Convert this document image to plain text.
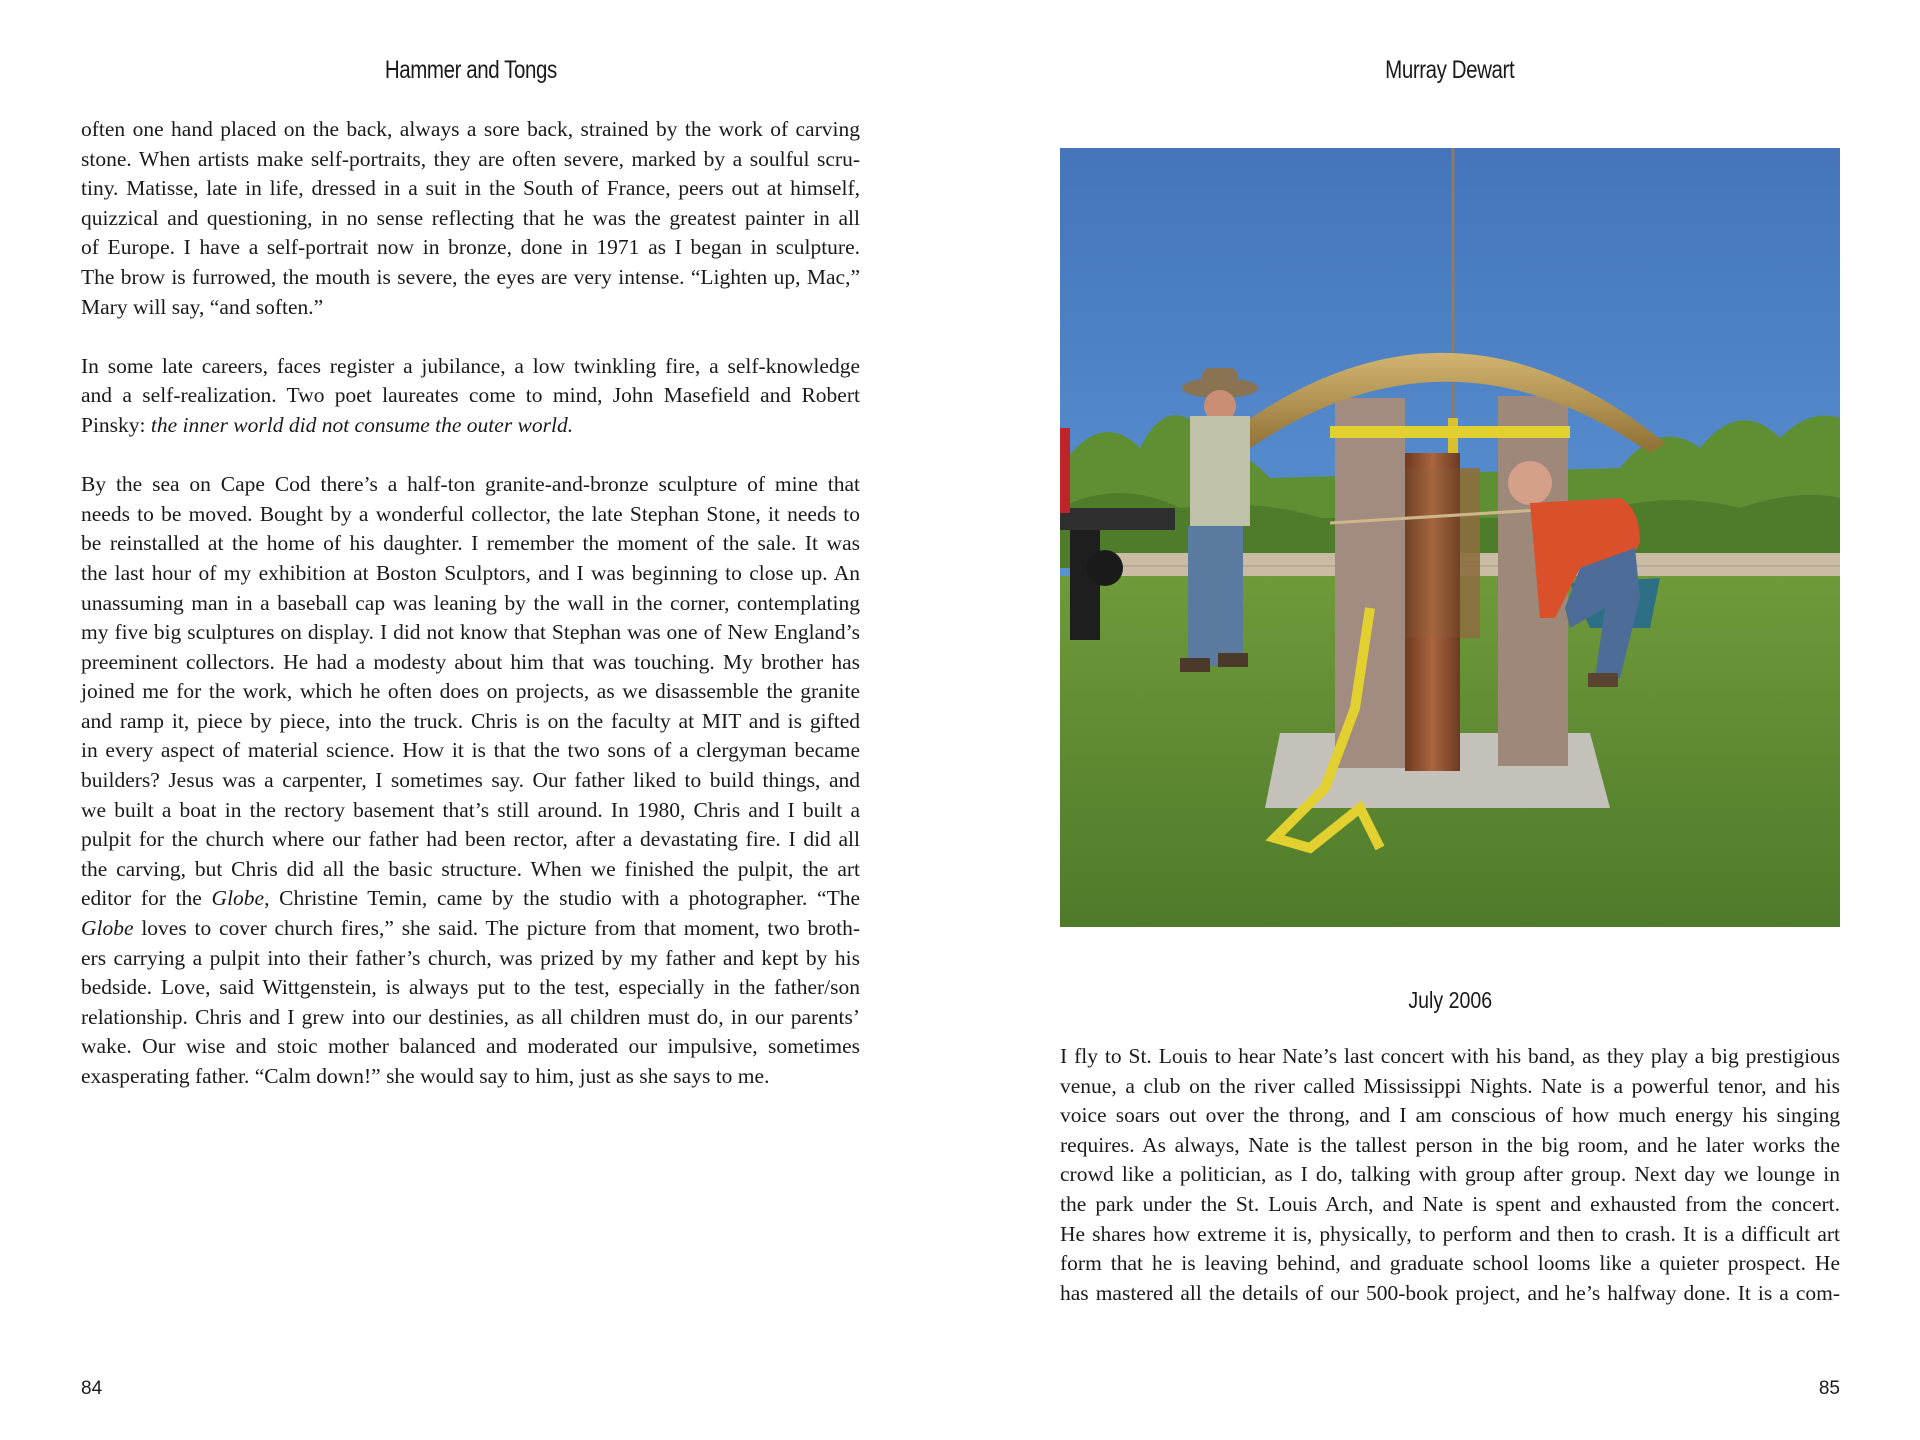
Hammer and Tongs

often one hand placed on the back, always a sore back, strained by the work of carving
stone. When artists make self-portraits, they are often severe, marked by a soulful scru-
tiny. Matisse, late in life, dressed in a suit in the South of France, peers out at himself,
quizzical and questioning, in no sense reflecting that he was the greatest painter in all
of Europe. I have a self-portrait now in bronze, done in 1971 as I began in sculpture.
The brow is furrowed, the mouth is severe, the eyes are very intense. “Lighten up, Mac,”
Mary will say, “and soften.”

In some late careers, faces register a jubilance, a low twinkling fire, a self-knowledge
and a self-realization. Two poet laureates come to mind, John Masefield and Robert
Pinsky: the inner world did not consume the outer world.

By the sea on Cape Cod there’s a half-ton granite-and-bronze sculpture of mine that
needs to be moved. Bought by a wonderful collector, the late Stephan Stone, it needs to
be reinstalled at the home of his daughter. I remember the moment of the sale. It was
the last hour of my exhibition at Boston Sculptors, and I was beginning to close up. An
unassuming man in a baseball cap was leaning by the wall in the corner, contemplating
my five big sculptures on display. I did not know that Stephan was one of New England’s
preeminent collectors. He had a modesty about him that was touching. My brother has
joined me for the work, which he often does on projects, as we disassemble the granite
and ramp it, piece by piece, into the truck. Chris is on the faculty at MIT and is gifted
in every aspect of material science. How it is that the two sons of a clergyman became
builders? Jesus was a carpenter, I sometimes say. Our father liked to build things, and
we built a boat in the rectory basement that’s still around. In 1980, Chris and I built a
pulpit for the church where our father had been rector, after a devastating fire. I did all
the carving, but Chris did all the basic structure. When we finished the pulpit, the art
editor for the Globe, Christine Temin, came by the studio with a photographer. “The
Globe loves to cover church fires,” she said. The picture from that moment, two broth-
ers carrying a pulpit into their father’s church, was prized by my father and kept by his
bedside. Love, said Wittgenstein, is always put to the test, especially in the father/son
relationship. Chris and I grew into our destinies, as all children must do, in our parents’
wake. Our wise and stoic mother balanced and moderated our impulsive, sometimes
exasperating father. “Calm down!” she would say to him, just as she says to me.

84
Murray Dewart
July 2006

I fly to St. Louis to hear Nate’s last concert with his band, as they play a big prestigious
venue, a club on the river called Mississippi Nights. Nate is a powerful tenor, and his
voice soars out over the throng, and I am conscious of how much energy his singing
requires. As always, Nate is the tallest person in the big room, and he later works the
crowd like a politician, as I do, talking with group after group. Next day we lounge in
the park under the St. Louis Arch, and Nate is spent and exhausted from the concert.
He shares how extreme it is, physically, to perform and then to crash. It is a difficult art
form that he is leaving behind, and graduate school looms like a quieter prospect. He
has mastered all the details of our 500-book project, and he’s halfway done. It is a com-

85
